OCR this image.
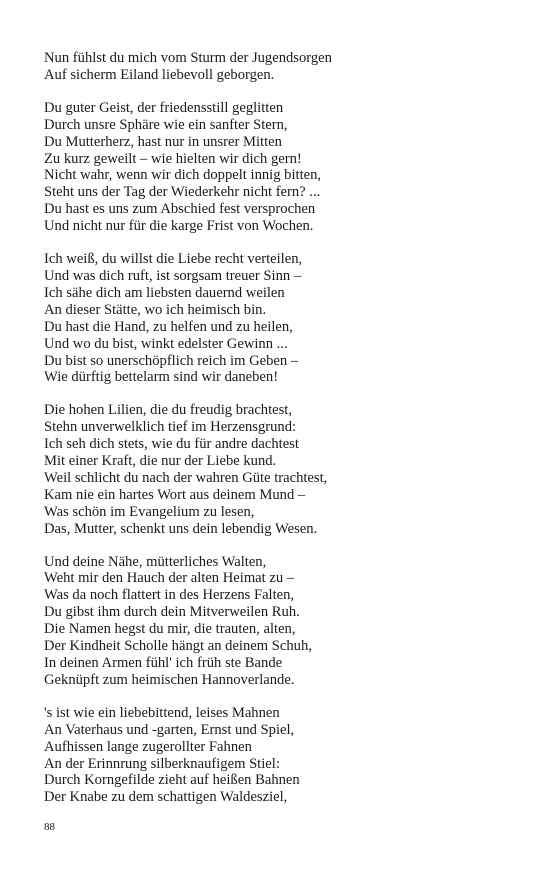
Nun fühlst du mich vom Sturm der Jugendsorgen
Auf sicherm Eiland liebevoll geborgen.
Du guter Geist, der friedensstill geglitten
Durch unsre Sphäre wie ein sanfter Stern,
Du Mutterherz, hast nur in unsrer Mitten
Zu kurz geweilt – wie hielten wir dich gern!
Nicht wahr, wenn wir dich doppelt innig bitten,
Steht uns der Tag der Wiederkehr nicht fern? ...
Du hast es uns zum Abschied fest versprochen
Und nicht nur für die karge Frist von Wochen.
Ich weiß, du willst die Liebe recht verteilen,
Und was dich ruft, ist sorgsam treuer Sinn –
Ich sähe dich am liebsten dauernd weilen
An dieser Stätte, wo ich heimisch bin.
Du hast die Hand, zu helfen und zu heilen,
Und wo du bist, winkt edelster Gewinn ...
Du bist so unerschöpflich reich im Geben –
Wie dürftig bettelarm sind wir daneben!
Die hohen Lilien, die du freudig brachtest,
Stehn unverwelklich tief im Herzensgrund:
Ich seh dich stets, wie du für andre dachtest
Mit einer Kraft, die nur der Liebe kund.
Weil schlicht du nach der wahren Güte trachtest,
Kam nie ein hartes Wort aus deinem Mund –
Was schön im Evangelium zu lesen,
Das, Mutter, schenkt uns dein lebendig Wesen.
Und deine Nähe, mütterliches Walten,
Weht mir den Hauch der alten Heimat zu –
Was da noch flattert in des Herzens Falten,
Du gibst ihm durch dein Mitverweilen Ruh.
Die Namen hegst du mir, die trauten, alten,
Der Kindheit Scholle hängt an deinem Schuh,
In deinen Armen fühl' ich früh ste Bande
Geknüpft zum heimischen Hannoverlande.
's ist wie ein liebebittend, leises Mahnen
An Vaterhaus und -garten, Ernst und Spiel,
Aufhissen lange zugerollter Fahnen
An der Erinnrung silberknaufigem Stiel:
Durch Korngefilde zieht auf heißen Bahnen
Der Knabe zu dem schattigen Waldesziel,
88
